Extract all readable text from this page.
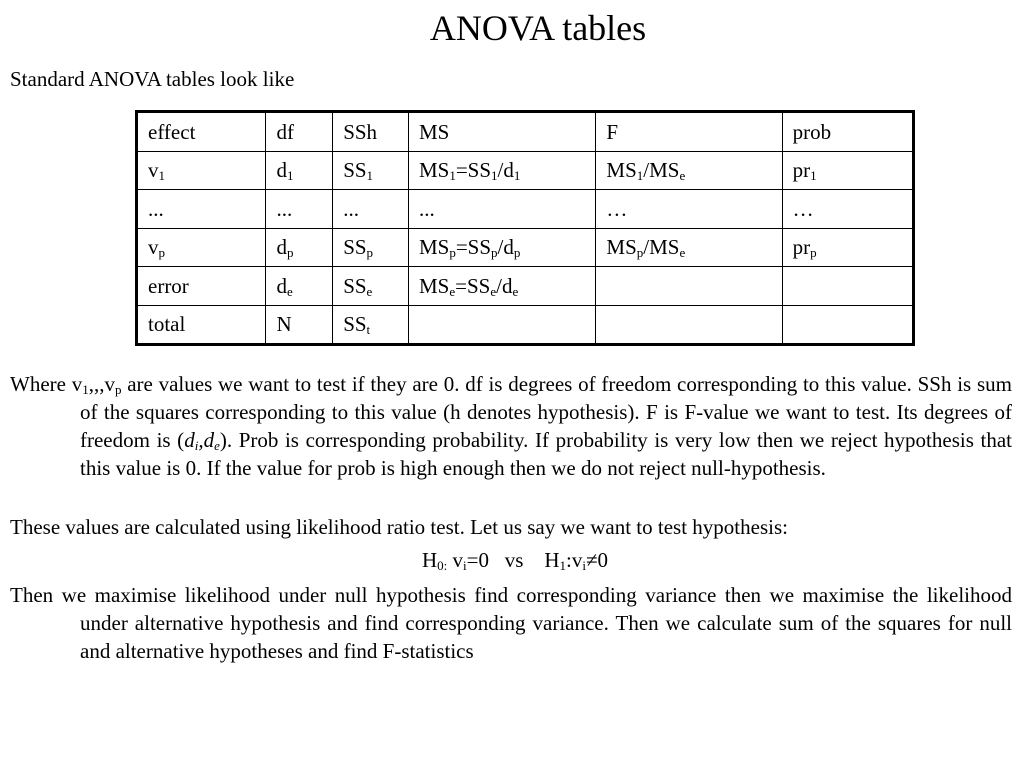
ANOVA tables
Standard ANOVA tables look like
effect	df	SSh	MS	F	prob
$v_1$	$d_1$	$SS_1$	$MS_1=SS_1/d_1$	$MS_1/MS_e$	$pr_1$
...	...	...	...	…	…
$v_p$	$d_p$	$SS_p$	$MS_p=SS_p/d_p$	$MS_p/MS_e$	$pr_p$
error	$d_e$	$SS_e$	$MS_e=SS_e/d_e$		
total	N	$SS_t$			
Where $v_1,,,v_p$ are values we want to test if they are 0. df is degrees of freedom corresponding to this value. SSh is sum of the squares corresponding to this value (h denotes hypothesis). F is F-value we want to test. Its degrees of freedom is $(d_i,d_e)$. Prob is corresponding probability. If probability is very low then we reject hypothesis that this value is 0. If the value for prob is high enough then we do not reject null-hypothesis.
These values are calculated using likelihood ratio test. Let us say we want to test hypothesis:
$H_{0:}$ $v_i=0$   vs    $H_1:v_i\ne 0$
Then we maximise likelihood under null hypothesis find corresponding variance then we maximise the likelihood under alternative hypothesis and find corresponding variance. Then we calculate sum of the squares for null and alternative hypotheses and find F-statistics
